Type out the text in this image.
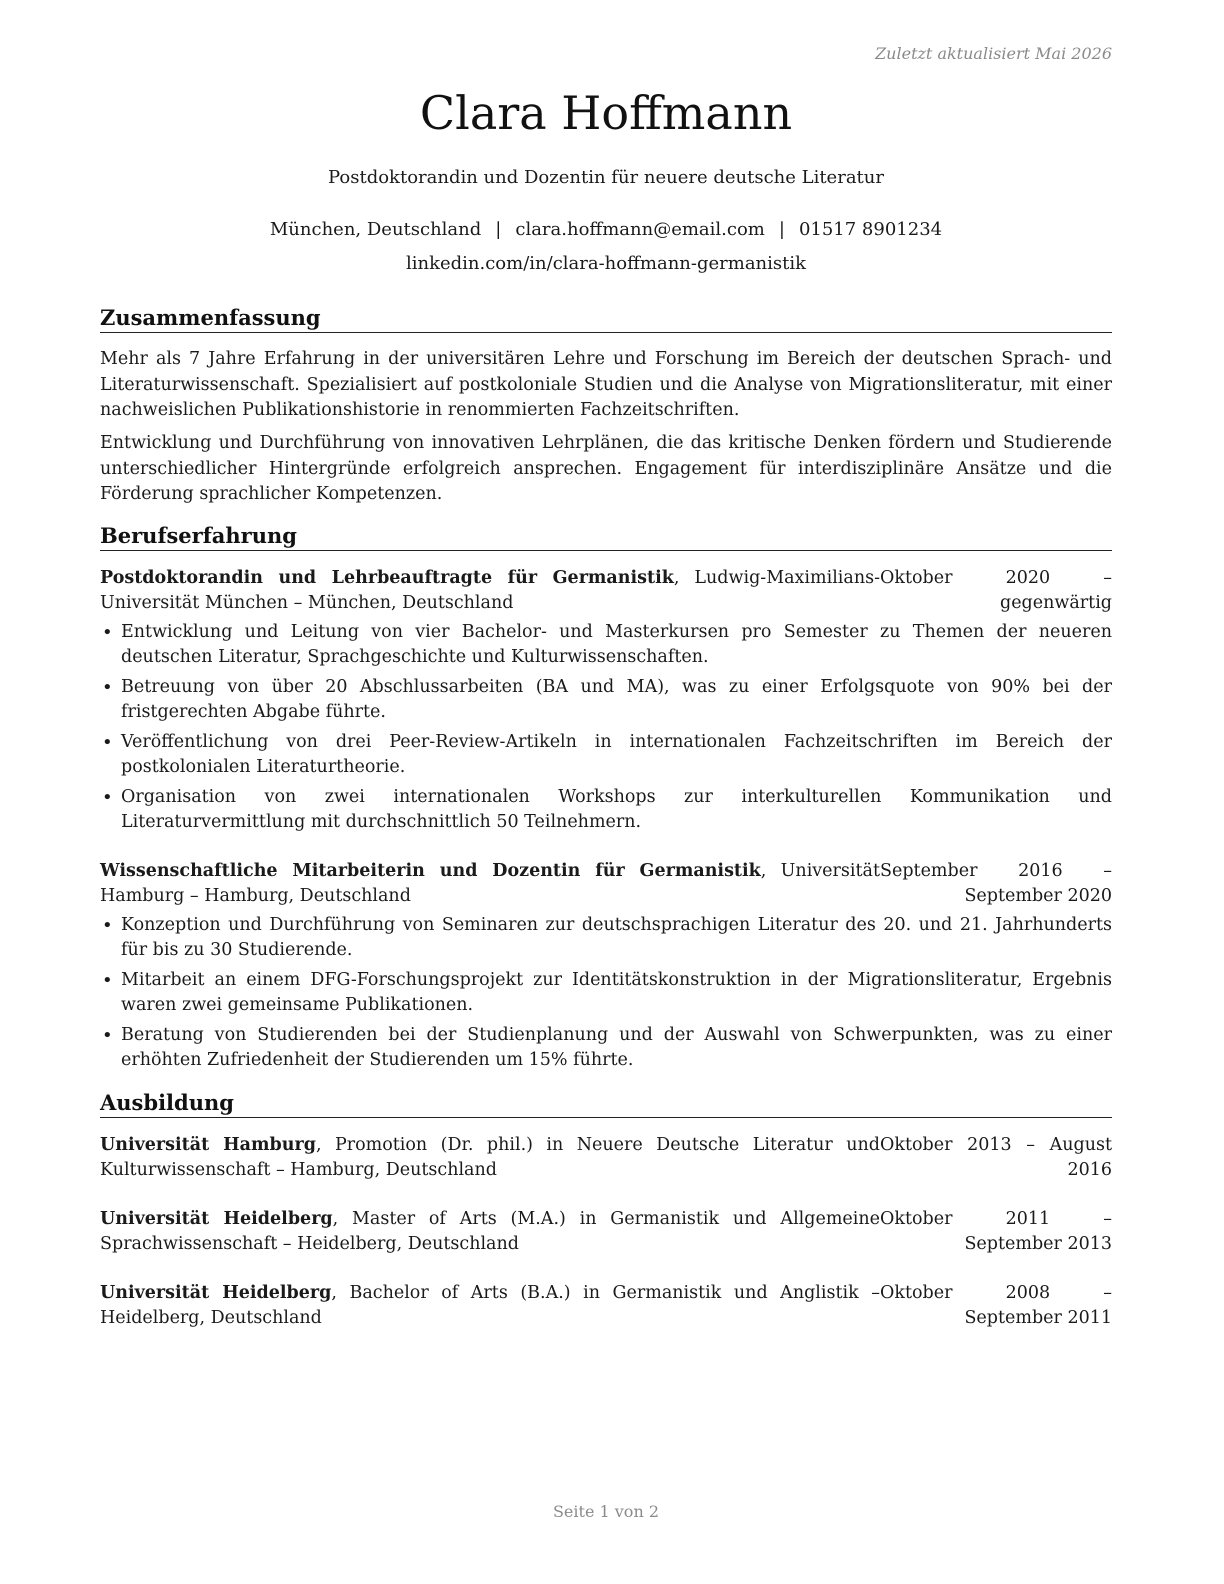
Zuletzt aktualisiert Mai 2026
Clara Hoffmann
Postdoktorandin und Dozentin für neuere deutsche Literatur
München, Deutschland | clara.hoffmann@email.com | 01517 8901234
linkedin.com/in/clara-hoffmann-germanistik
Zusammenfassung
Mehr als 7 Jahre Erfahrung in der universitären Lehre und Forschung im Bereich der deutschen Sprach- und Literaturwissenschaft. Spezialisiert auf postkoloniale Studien und die Analyse von Migrationsliteratur, mit einer nachweislichen Publikationshistorie in renommierten Fachzeitschriften.
Entwicklung und Durchführung von innovativen Lehrplänen, die das kritische Denken fördern und Studierende unterschiedlicher Hintergründe erfolgreich ansprechen. Engagement für interdisziplinäre Ansätze und die Förderung sprachlicher Kompetenzen.
Berufserfahrung
Postdoktorandin und Lehrbeauftragte für Germanistik, Ludwig-Maximilians-Universität München – München, Deutschland
Oktober 2020 – gegenwärtig
• Entwicklung und Leitung von vier Bachelor- und Masterkursen pro Semester zu Themen der neueren deutschen Literatur, Sprachgeschichte und Kulturwissenschaften.
• Betreuung von über 20 Abschlussarbeiten (BA und MA), was zu einer Erfolgsquote von 90% bei der fristgerechten Abgabe führte.
• Veröffentlichung von drei Peer-Review-Artikeln in internationalen Fachzeitschriften im Bereich der postkolonialen Literaturtheorie.
• Organisation von zwei internationalen Workshops zur interkulturellen Kommunikation und Literaturvermittlung mit durchschnittlich 50 Teilnehmern.
Wissenschaftliche Mitarbeiterin und Dozentin für Germanistik, Universität Hamburg – Hamburg, Deutschland
September 2016 – September 2020
• Konzeption und Durchführung von Seminaren zur deutschsprachigen Literatur des 20. und 21. Jahrhunderts für bis zu 30 Studierende.
• Mitarbeit an einem DFG-Forschungsprojekt zur Identitätskonstruktion in der Migrationsliteratur, Ergebnis waren zwei gemeinsame Publikationen.
• Beratung von Studierenden bei der Studienplanung und der Auswahl von Schwerpunkten, was zu einer erhöhten Zufriedenheit der Studierenden um 15% führte.
Ausbildung
Universität Hamburg, Promotion (Dr. phil.) in Neuere Deutsche Literatur und Kulturwissenschaft – Hamburg, Deutschland
Oktober 2013 – August 2016
Universität Heidelberg, Master of Arts (M.A.) in Germanistik und Allgemeine Sprachwissenschaft – Heidelberg, Deutschland
Oktober 2011 – September 2013
Universität Heidelberg, Bachelor of Arts (B.A.) in Germanistik und Anglistik – Heidelberg, Deutschland
Oktober 2008 – September 2011
Seite 1 von 2
